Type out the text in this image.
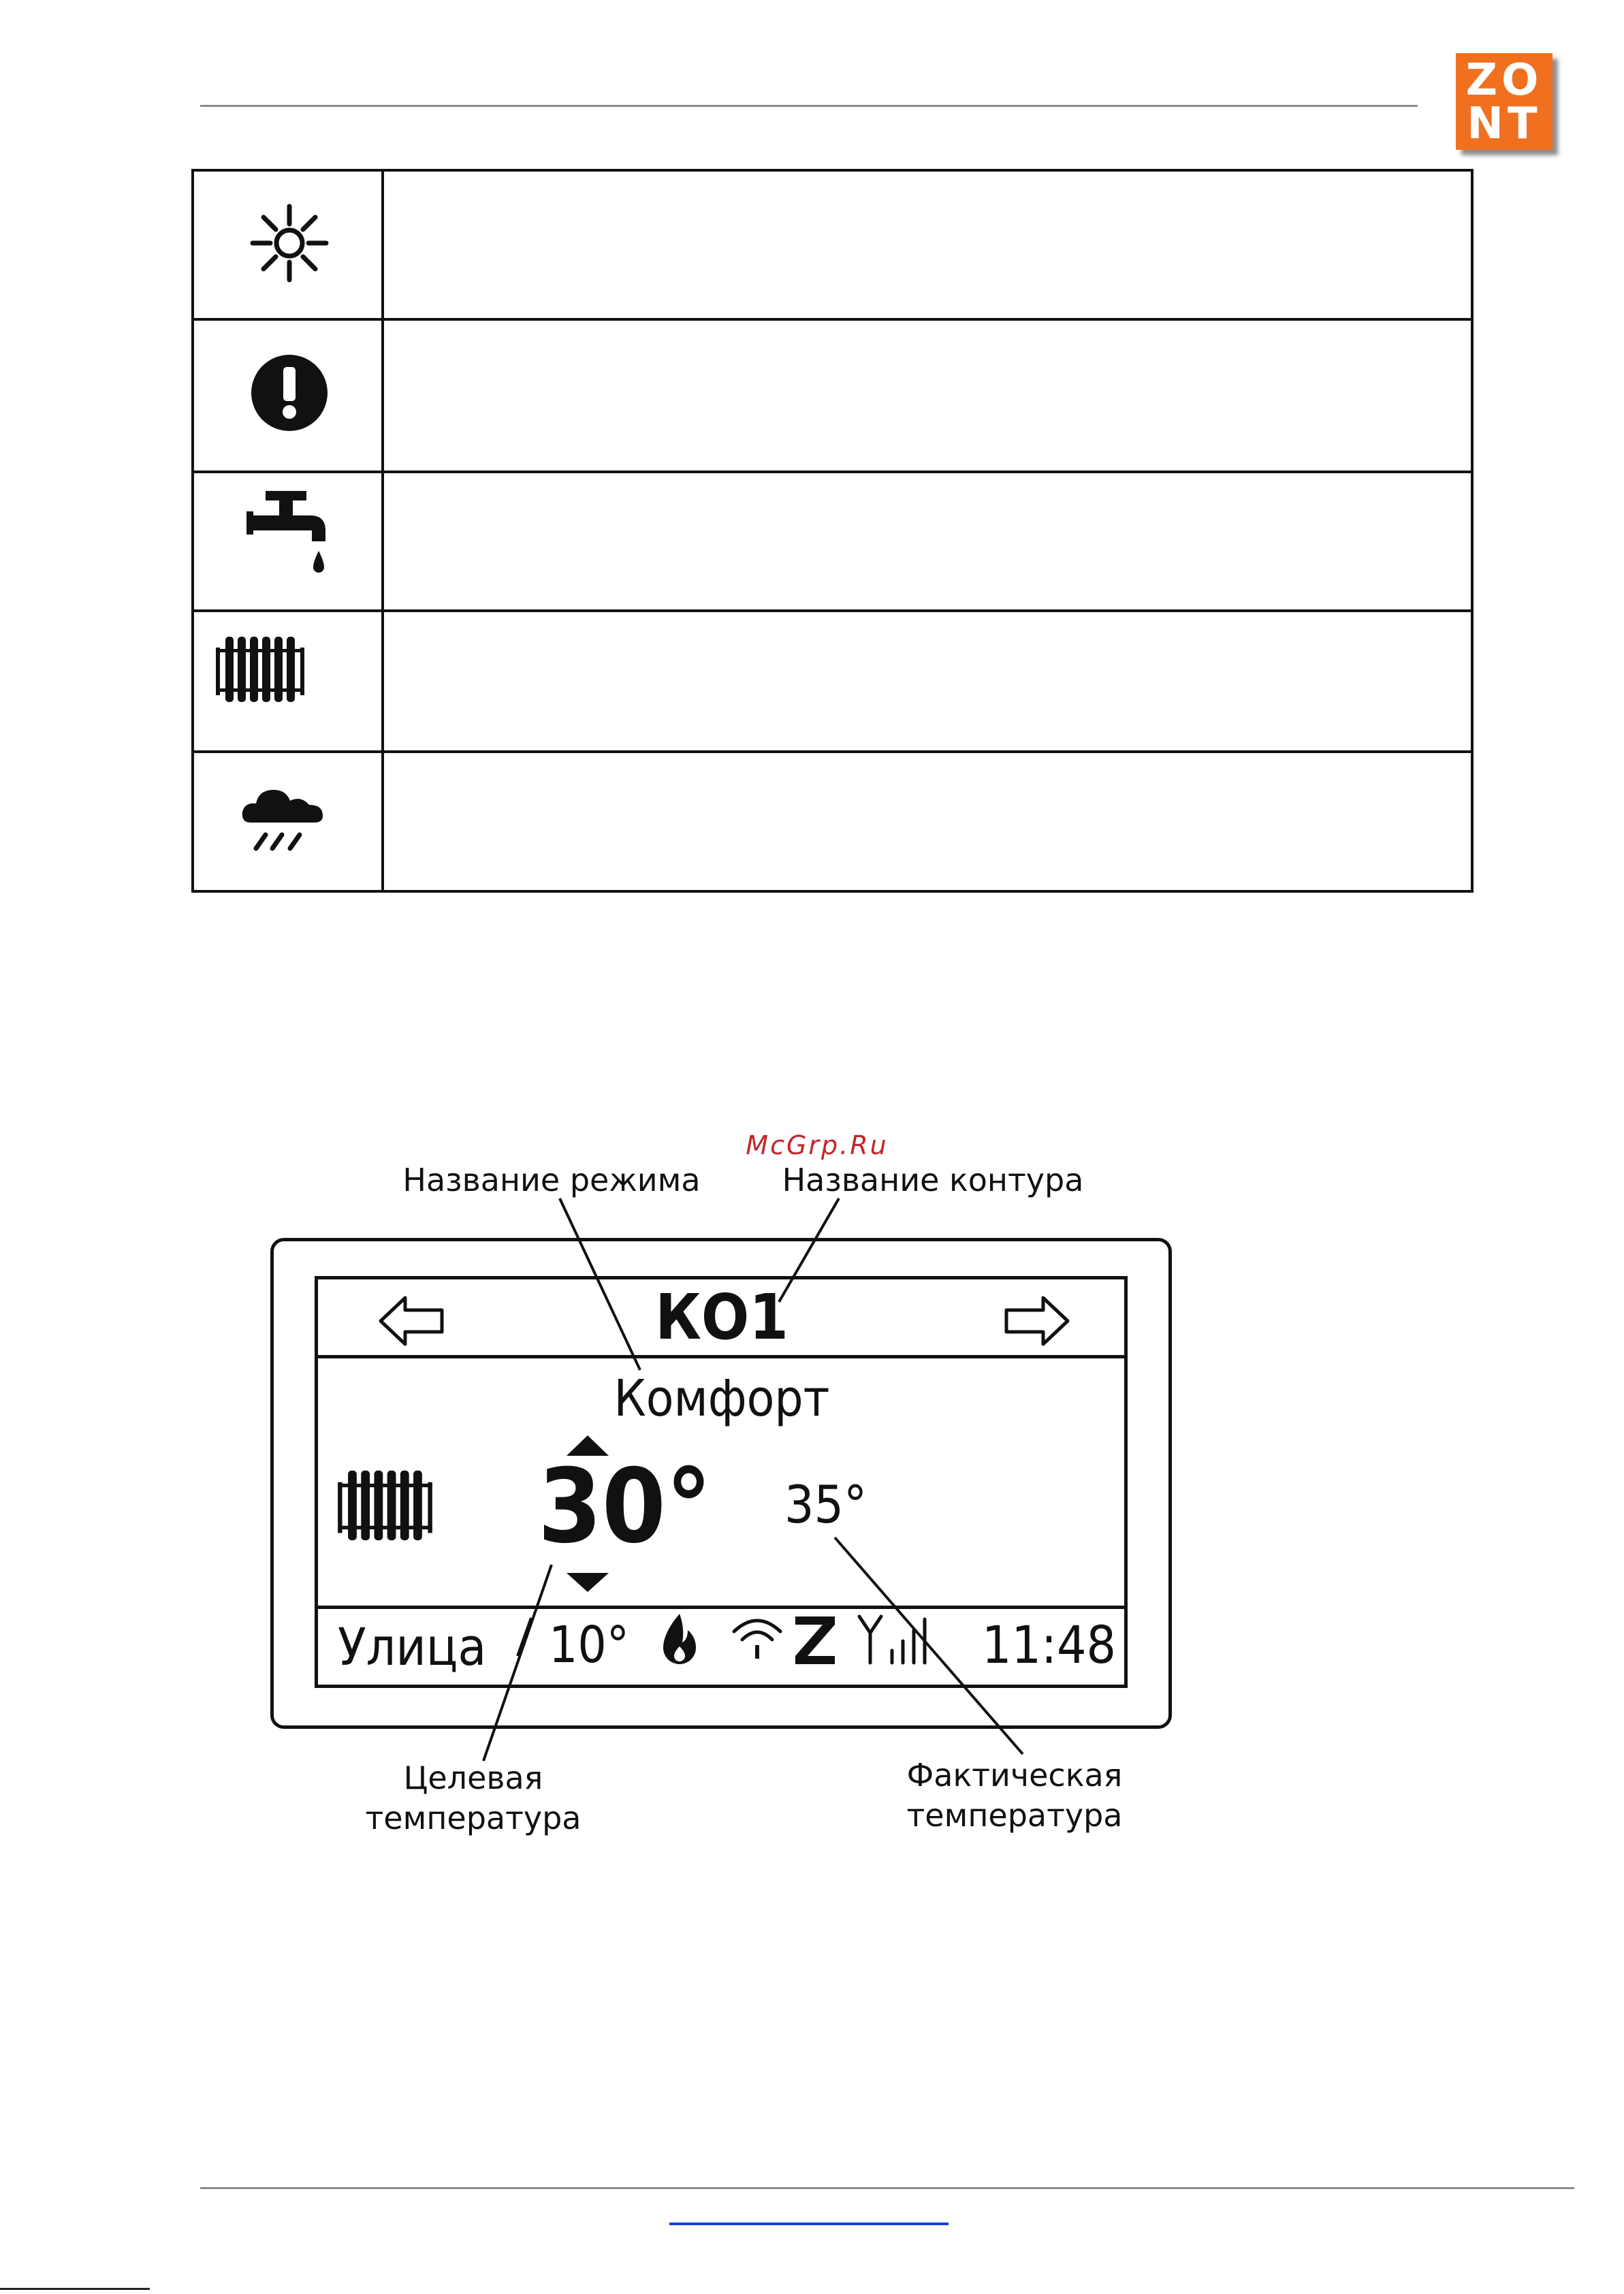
ZO
NT
McGrp.Ru
Название режима	Название контура
Целевая
температура
Фактическая
температура
КО1
Комфорт
30° 35°
Улица 10°	11:48
